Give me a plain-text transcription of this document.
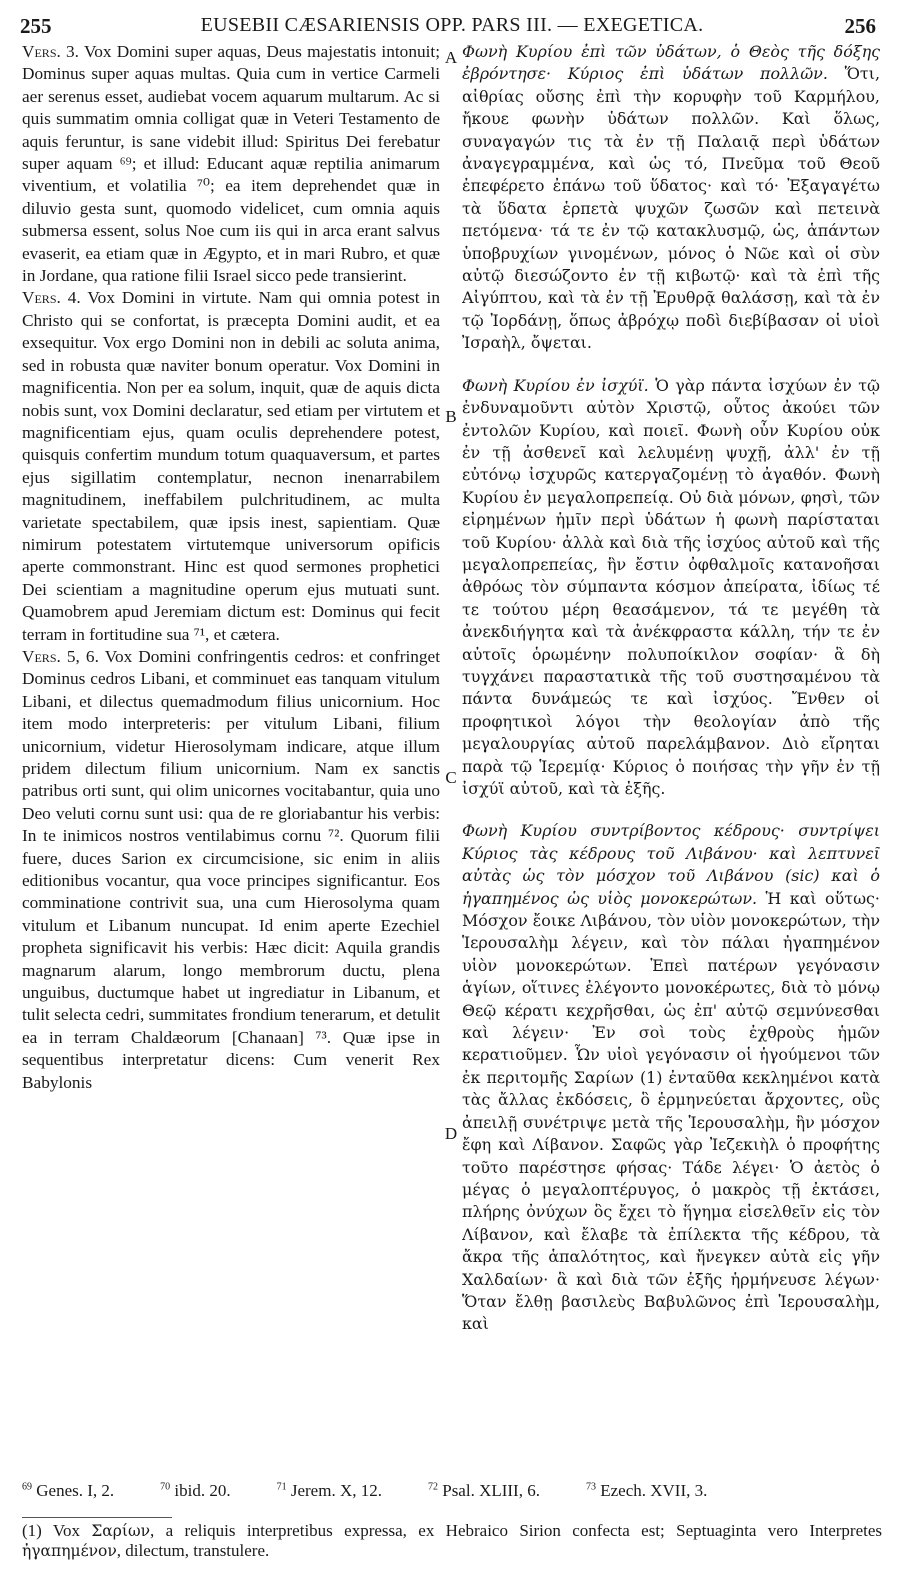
255	EUSEBII CÆSARIENSIS OPP. PARS III. — EXEGETICA.	256

Vers. 3. Vox Domini super aquas, Deus majestatis intonuit; Dominus super aquas multas. Quia cum in vertice Carmeli aer serenus esset, audiebat vocem aquarum multarum. Ac si quis summatim omnia colligat quæ in Veteri Testamento de aquis feruntur, is sane videbit illud: Spiritus Dei ferebatur super aquam ⁶⁹; et illud: Educant aquæ reptilia animarum viventium, et volatilia ⁷⁰; ea item deprehendet quæ in diluvio gesta sunt, quomodo videlicet, cum omnia aquis submersa essent, solus Noe cum iis qui in arca erant salvus evaserit, ea etiam quæ in Ægypto, et in mari Rubro, et quæ in Jordane, qua ratione filii Israel sicco pede transierint.

Vers. 4. Vox Domini in virtute. Nam qui omnia potest in Christo qui se confortat, is præcepta Domini audit, et ea exsequitur. Vox ergo Domini non in debili ac soluta anima, sed in robusta quæ naviter bonum operatur. Vox Domini in magnificentia. Non per ea solum, inquit, quæ de aquis dicta nobis sunt, vox Domini declaratur, sed etiam per virtutem et magnificentiam ejus, quam oculis deprehendere potest, quisquis confertim mundum totum quaquaversum, et partes ejus sigillatim contemplatur, necnon inenarrabilem magnitudinem, ineffabilem pulchritudinem, ac multa varietate spectabilem, quæ ipsis inest, sapientiam. Quæ nimirum potestatem virtutemque universorum opificis aperte commonstrant. Hinc est quod sermones prophetici Dei scientiam a magnitudine operum ejus mutuati sunt. Quamobrem apud Jeremiam dictum est: Dominus qui fecit terram in fortitudine sua ⁷¹, et cætera.

Vers. 5, 6. Vox Domini confringentis cedros: et confringet Dominus cedros Libani, et comminuet eas tanquam vitulum Libani, et dilectus quemadmodum filius unicornium. Hoc item modo interpreteris: per vitulum Libani, filium unicornium, videtur Hierosolymam indicare, atque illum pridem dilectum filium unicornium. Nam ex sanctis patribus orti sunt, qui olim unicornes vocitabantur, quia uno Deo veluti cornu sunt usi: qua de re gloriabantur his verbis: In te inimicos nostros ventilabimus cornu ⁷². Quorum filii fuere, duces Sarion ex circumcisione, sic enim in aliis editionibus vocantur, qua voce principes significantur. Eos comminatione contrivit sua, una cum Hierosolyma quam vitulum et Libanum nuncupat. Id enim aperte Ezechiel propheta significavit his verbis: Hæc dicit: Aquila grandis magnarum alarum, longo membrorum ductu, plena unguibus, ductumque habet ut ingrediatur in Libanum, et tulit selecta cedri, summitates frondium tenerarum, et detulit ea in terram Chaldæorum [Chanaan] ⁷³. Quæ ipse in sequentibus interpretatur dicens: Cum venerit Rex Babylonis

A
B
C
D

Φωνὴ Κυρίου ἐπὶ τῶν ὑδάτων, ὁ Θεὸς τῆς δόξης ἐβρόντησε· Κύριος ἐπὶ ὑδάτων πολλῶν. Ὅτι, αἰθρίας οὔσης ἐπὶ τὴν κορυφὴν τοῦ Καρμήλου, ἤκουε φωνὴν ὑδάτων πολλῶν. Καὶ ὅλως, συναγαγών τις τὰ ἐν τῇ Παλαιᾷ περὶ ὑδάτων ἀναγεγραμμένα, καὶ ὡς τό, Πνεῦμα τοῦ Θεοῦ ἐπεφέρετο ἐπάνω τοῦ ὕδατος· καὶ τό· Ἐξαγαγέτω τὰ ὕδατα ἑρπετὰ ψυχῶν ζωσῶν καὶ πετεινὰ πετόμενα· τά τε ἐν τῷ κατακλυσμῷ, ὡς, ἁπάντων ὑποβρυχίων γινομένων, μόνος ὁ Νῶε καὶ οἱ σὺν αὐτῷ διεσώζοντο ἐν τῇ κιβωτῷ· καὶ τὰ ἐπὶ τῆς Αἰγύπτου, καὶ τὰ ἐν τῇ Ἐρυθρᾷ θαλάσσῃ, καὶ τὰ ἐν τῷ Ἰορδάνῃ, ὅπως ἀβρόχῳ ποδὶ διεβίβασαν οἱ υἱοὶ Ἰσραὴλ, ὄψεται.

Φωνὴ Κυρίου ἐν ἰσχύϊ. Ὁ γὰρ πάντα ἰσχύων ἐν τῷ ἐνδυναμοῦντι αὐτὸν Χριστῷ, οὗτος ἀκούει τῶν ἐντολῶν Κυρίου, καὶ ποιεῖ. Φωνὴ οὖν Κυρίου οὐκ ἐν τῇ ἀσθενεῖ καὶ λελυμένῃ ψυχῇ, ἀλλ' ἐν τῇ εὐτόνῳ ἰσχυρῶς κατεργαζομένῃ τὸ ἀγαθόν. Φωνὴ Κυρίου ἐν μεγαλοπρεπείᾳ. Οὐ διὰ μόνων, φησὶ, τῶν εἰρημένων ἡμῖν περὶ ὑδάτων ἡ φωνὴ παρίσταται τοῦ Κυρίου· ἀλλὰ καὶ διὰ τῆς ἰσχύος αὐτοῦ καὶ τῆς μεγαλοπρεπείας, ἣν ἔστιν ὀφθαλμοῖς κατανοῆσαι ἀθρόως τὸν σύμπαντα κόσμον ἀπείρατα, ἰδίως τέ τε τούτου μέρη θεασάμενον, τά τε μεγέθη τὰ ἀνεκδιήγητα καὶ τὰ ἀνέκφραστα κάλλη, τήν τε ἐν αὐτοῖς ὁρωμένην πολυποίκιλον σοφίαν· ἃ δὴ τυγχάνει παραστατικὰ τῆς τοῦ συστησαμένου τὰ πάντα δυνάμεώς τε καὶ ἰσχύος. Ἔνθεν οἱ προφητικοὶ λόγοι τὴν θεολογίαν ἀπὸ τῆς μεγαλουργίας αὐτοῦ παρελάμβανον. Διὸ εἴρηται παρὰ τῷ Ἱερεμίᾳ· Κύριος ὁ ποιήσας τὴν γῆν ἐν τῇ ἰσχύϊ αὐτοῦ, καὶ τὰ ἑξῆς.

Φωνὴ Κυρίου συντρίβοντος κέδρους· συντρίψει Κύριος τὰς κέδρους τοῦ Λιβάνου· καὶ λεπτυνεῖ αὐτὰς ὡς τὸν μόσχον τοῦ Λιβάνου (sic) καὶ ὁ ἠγαπημένος ὡς υἱὸς μονοκερώτων. Ἡ καὶ οὕτως· Μόσχον ἔοικε Λιβάνου, τὸν υἱὸν μονοκερώτων, τὴν Ἱερουσαλὴμ λέγειν, καὶ τὸν πάλαι ἠγαπημένον υἱὸν μονοκερώτων. Ἐπεὶ πατέρων γεγόνασιν ἁγίων, οἵτινες ἐλέγοντο μονοκέρωτες, διὰ τὸ μόνῳ Θεῷ κέρατι κεχρῆσθαι, ὡς ἐπ' αὐτῷ σεμνύνεσθαι καὶ λέγειν· Ἐν σοὶ τοὺς ἐχθροὺς ἡμῶν κερατιοῦμεν. Ὧν υἱοὶ γεγόνασιν οἱ ἡγούμενοι τῶν ἐκ περιτομῆς Σαρίων (1) ἐνταῦθα κεκλημένοι κατὰ τὰς ἄλλας ἐκδόσεις, ὃ ἑρμηνεύεται ἄρχοντες, οὓς ἀπειλῇ συνέτριψε μετὰ τῆς Ἱερουσαλὴμ, ἣν μόσχον ἔφη καὶ Λίβανον. Σαφῶς γὰρ Ἰεζεκιὴλ ὁ προφήτης τοῦτο παρέστησε φήσας· Τάδε λέγει· Ὁ ἀετὸς ὁ μέγας ὁ μεγαλοπτέρυγος, ὁ μακρὸς τῇ ἐκτάσει, πλήρης ὀνύχων ὃς ἔχει τὸ ἥγημα εἰσελθεῖν εἰς τὸν Λίβανον, καὶ ἔλαβε τὰ ἐπίλεκτα τῆς κέδρου, τὰ ἄκρα τῆς ἁπαλότητος, καὶ ἤνεγκεν αὐτὰ εἰς γῆν Χαλδαίων· ἃ καὶ διὰ τῶν ἑξῆς ἡρμήνευσε λέγων· Ὅταν ἔλθῃ βασιλεὺς Βαβυλῶνος ἐπὶ Ἱερουσαλὴμ, καὶ

$^{69}$ Genes. I, 2.	$^{70}$ ibid. 20.	$^{71}$ Jerem. X, 12.	$^{72}$ Psal. XLIII, 6.	$^{73}$ Ezech. XVII, 3.
(1) Vox Σαρίων, a reliquis interpretibus expressa, ex Hebraico Sirion confecta est; Septuaginta vero Interpretes ἠγαπημένον, dilectum, transtulere.
